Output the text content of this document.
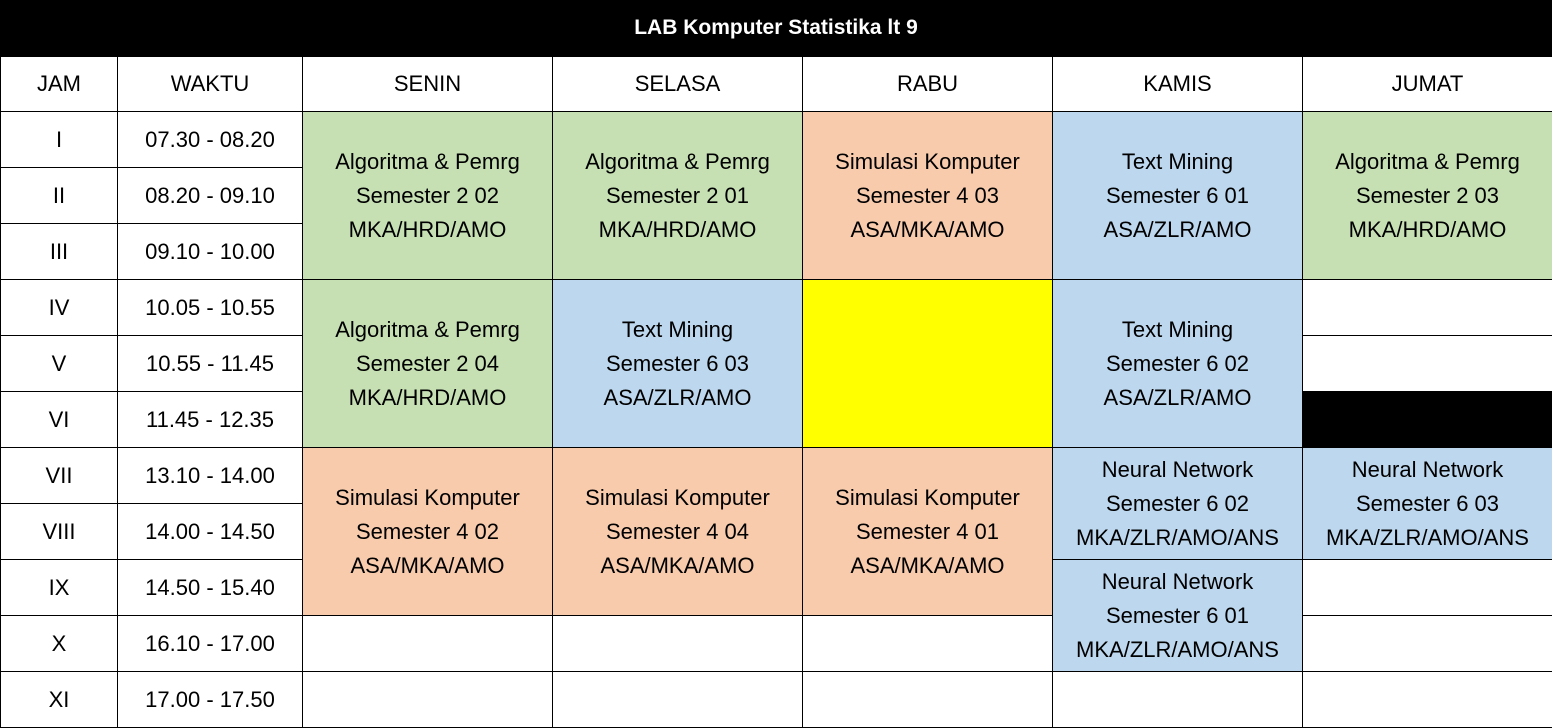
LAB Komputer Statistika lt 9
JAM	WAKTU	SENIN	SELASA	RABU	KAMIS	JUMAT
I	07.30 - 08.20	Algoritma & Pemrg
Semester 2 02
MKA/HRD/AMO	Algoritma & Pemrg
Semester 2 01
MKA/HRD/AMO	Simulasi Komputer
Semester 4 03
ASA/MKA/AMO	Text Mining
Semester 6 01
ASA/ZLR/AMO	Algoritma & Pemrg
Semester 2 03
MKA/HRD/AMO

II	08.20 - 09.10					
III	09.10 - 10.00					
IV	10.05 - 10.55	Algoritma & Pemrg
Semester 2 04
MKA/HRD/AMO	Text Mining
Semester 6 03
ASA/ZLR/AMO		Text Mining
Semester 6 02
ASA/ZLR/AMO	

V	10.55 - 11.45					
VI	11.45 - 12.35					
VII	13.10 - 14.00	Simulasi Komputer
Semester 4 02
ASA/MKA/AMO	Simulasi Komputer
Semester 4 04
ASA/MKA/AMO	Simulasi Komputer
Semester 4 01
ASA/MKA/AMO	Neural Network
Semester 6 02
MKA/ZLR/AMO/ANS	Neural Network
Semester 6 03
MKA/ZLR/AMO/ANS

VIII	14.00 - 14.50					
IX	14.50 - 15.40				Neural Network
Semester 6 01
MKA/ZLR/AMO/ANS	

X	16.10 - 17.00					
XI	17.00 - 17.50					
